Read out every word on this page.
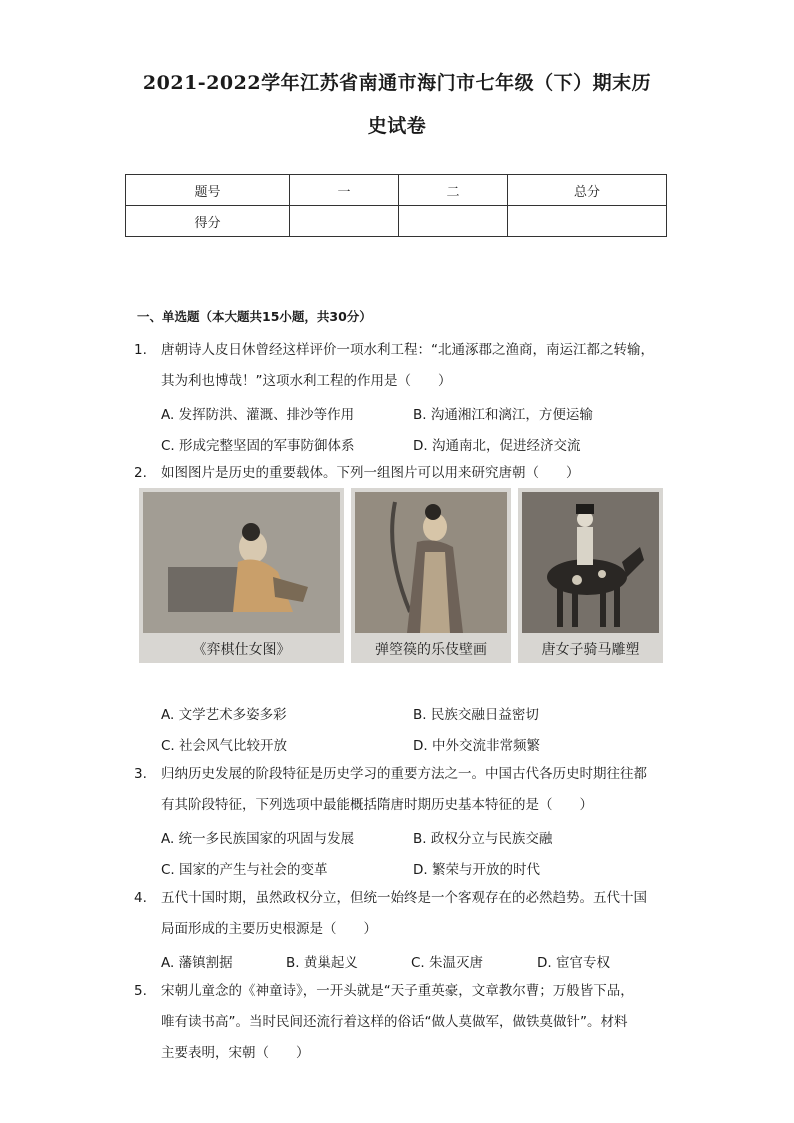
2021-2022学年江苏省南通市海门市七年级（下）期末历
史试卷
题号	一	二	总分
得分			
一、单选题（本大题共15小题，共30分）
1.	唐朝诗人皮日休曾经这样评价一项水利工程：“北通涿郡之渔商，南运江都之转输，
其为利也博哉！”这项水利工程的作用是（　　）
A. 发挥防洪、灌溉、排沙等作用	B. 沟通湘江和漓江，方便运输
C. 形成完整坚固的军事防御体系	D. 沟通南北，促进经济交流
2.	如图图片是历史的重要载体。下列一组图片可以用来研究唐朝（　　）
《弈棋仕女图》	弹箜篌的乐伎壁画	唐女子骑马雕塑
A. 文学艺术多姿多彩	B. 民族交融日益密切
C. 社会风气比较开放	D. 中外交流非常频繁
3.	归纳历史发展的阶段特征是历史学习的重要方法之一。中国古代各历史时期往往都
有其阶段特征，下列选项中最能概括隋唐时期历史基本特征的是（　　）
A. 统一多民族国家的巩固与发展	B. 政权分立与民族交融
C. 国家的产生与社会的变革	D. 繁荣与开放的时代
4.	五代十国时期，虽然政权分立，但统一始终是一个客观存在的必然趋势。五代十国
局面形成的主要历史根源是（　　）
A. 藩镇割据	B. 黄巢起义	C. 朱温灭唐	D. 宦官专权
5.	宋朝儿童念的《神童诗》，一开头就是“天子重英豪，文章教尔曹；万般皆下品，
唯有读书高”。当时民间还流行着这样的俗话“做人莫做军，做铁莫做针”。材料
主要表明，宋朝（　　）
